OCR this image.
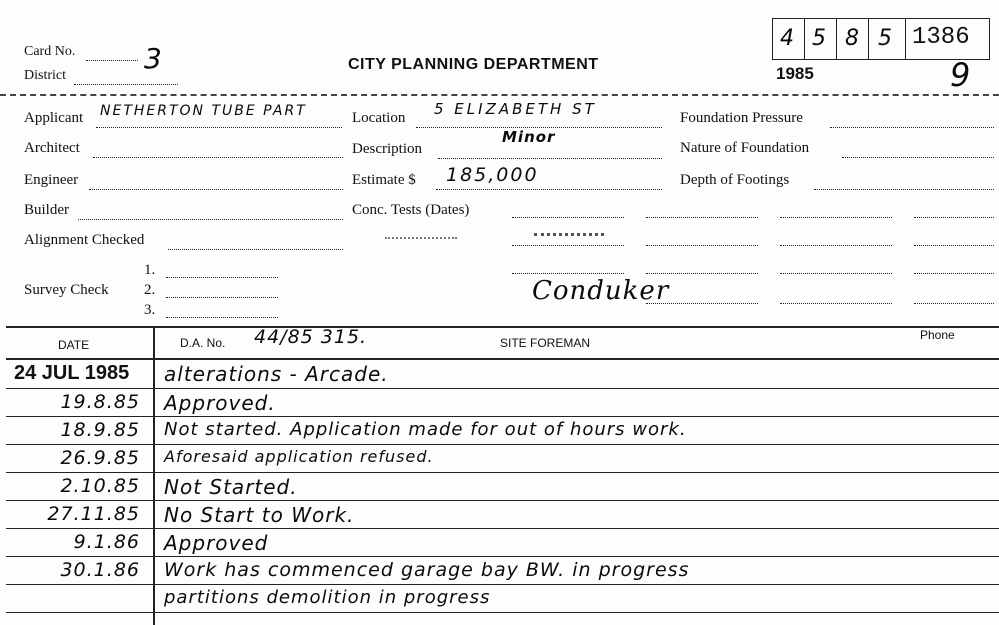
Card No. 3
District
CITY PLANNING DEPARTMENT
4 5 8 5 1386
1985	9
Applicant NETHERTON TUBE PART
Architect
Engineer
Builder
Alignment Checked
1.
Survey Check 2.
3.
Location 5 ELIZABETH ST
Description
Minor
Estimate $ 185,000
Conc. Tests (Dates)
Conduker
Foundation Pressure
Nature of Foundation
Depth of Footings
DATE	D.A. No. 44/85 315.	SITE FOREMAN
Phone
24 JUL 1985	alterations - Arcade.
19.8.85 Approved.
18.9.85 Not started. Application made for out of hours work.
26.9.85 Aforesaid application refused.
2.10.85 Not Started.
27.11.85 No Start to Work.
9.1.86 Approved
30.1.86 Work has commenced garage bay BW. in progress
partitions demolition in progress
